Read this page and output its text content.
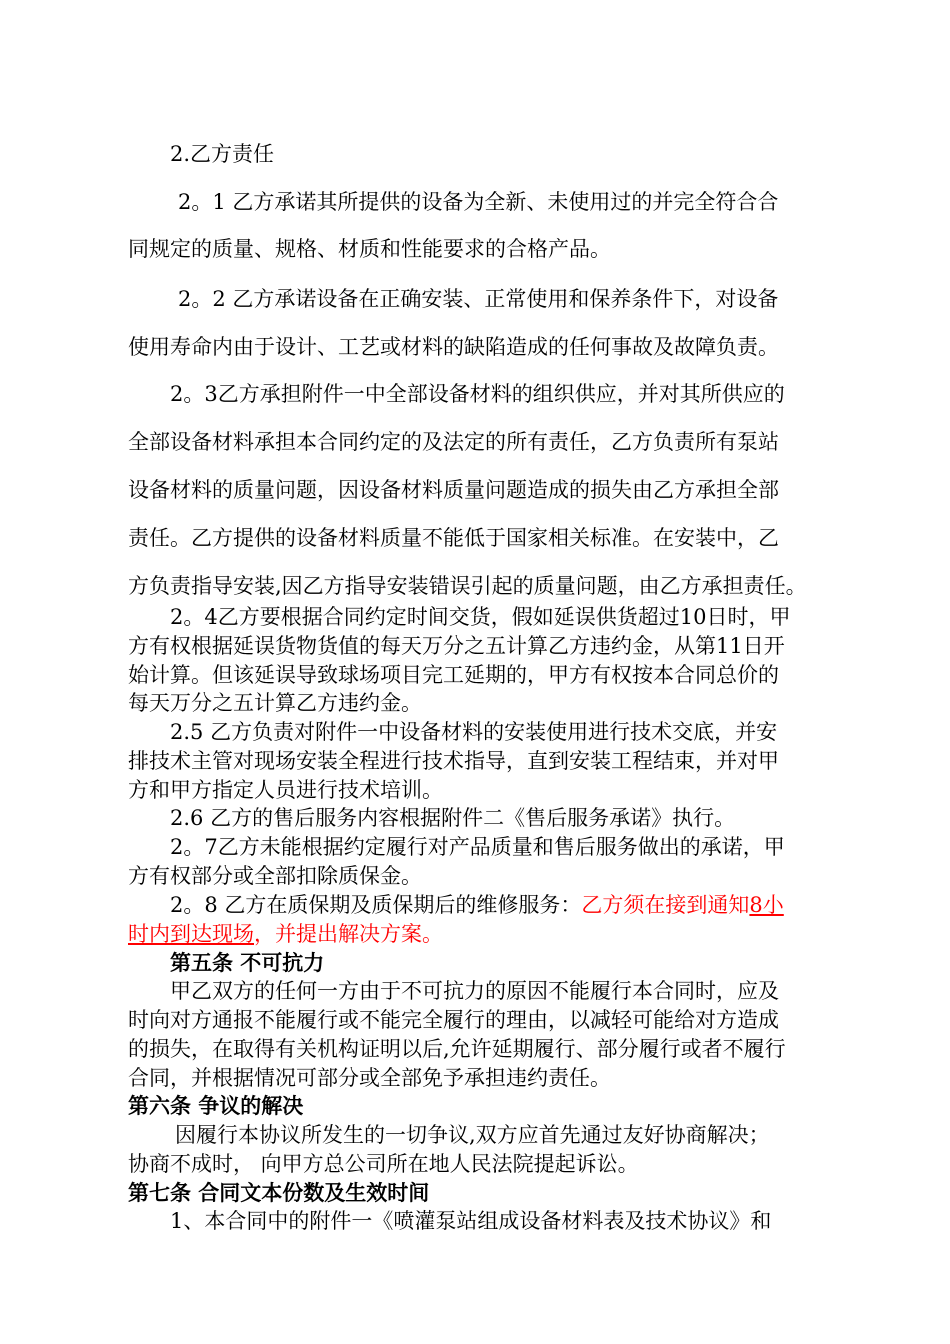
2.乙方责任

2。1 乙方承诺其所提供的设备为全新、未使用过的并完全符合合

同规定的质量、规格、材质和性能要求的合格产品。

2。2 乙方承诺设备在正确安装、正常使用和保养条件下，对设备

使用寿命内由于设计、工艺或材料的缺陷造成的任何事故及故障负责。

2。3乙方承担附件一中全部设备材料的组织供应，并对其所供应的

全部设备材料承担本合同约定的及法定的所有责任，乙方负责所有泵站

设备材料的质量问题，因设备材料质量问题造成的损失由乙方承担全部

责任。乙方提供的设备材料质量不能低于国家相关标准。在安装中，乙

方负责指导安装,因乙方指导安装错误引起的质量问题，由乙方承担责任。

2。4乙方要根据合同约定时间交货，假如延误供货超过10日时，甲

方有权根据延误货物货值的每天万分之五计算乙方违约金，从第11日开

始计算。但该延误导致球场项目完工延期的，甲方有权按本合同总价的

每天万分之五计算乙方违约金。

2.5 乙方负责对附件一中设备材料的安装使用进行技术交底，并安

排技术主管对现场安装全程进行技术指导，直到安装工程结束，并对甲

方和甲方指定人员进行技术培训。

2.6 乙方的售后服务内容根据附件二《售后服务承诺》执行。

2。7乙方未能根据约定履行对产品质量和售后服务做出的承诺，甲

方有权部分或全部扣除质保金。

2。8 乙方在质保期及质保期后的维修服务：乙方须在接到通知8小

时内到达现场，并提出解决方案。

第五条 不可抗力

甲乙双方的任何一方由于不可抗力的原因不能履行本合同时，应及

时向对方通报不能履行或不能完全履行的理由，以减轻可能给对方造成

的损失，在取得有关机构证明以后,允许延期履行、部分履行或者不履行

合同，并根据情况可部分或全部免予承担违约责任。

第六条 争议的解决

因履行本协议所发生的一切争议,双方应首先通过友好协商解决；

协商不成时， 向甲方总公司所在地人民法院提起诉讼。

第七条 合同文本份数及生效时间

1、本合同中的附件一《喷灌泵站组成设备材料表及技术协议》和
